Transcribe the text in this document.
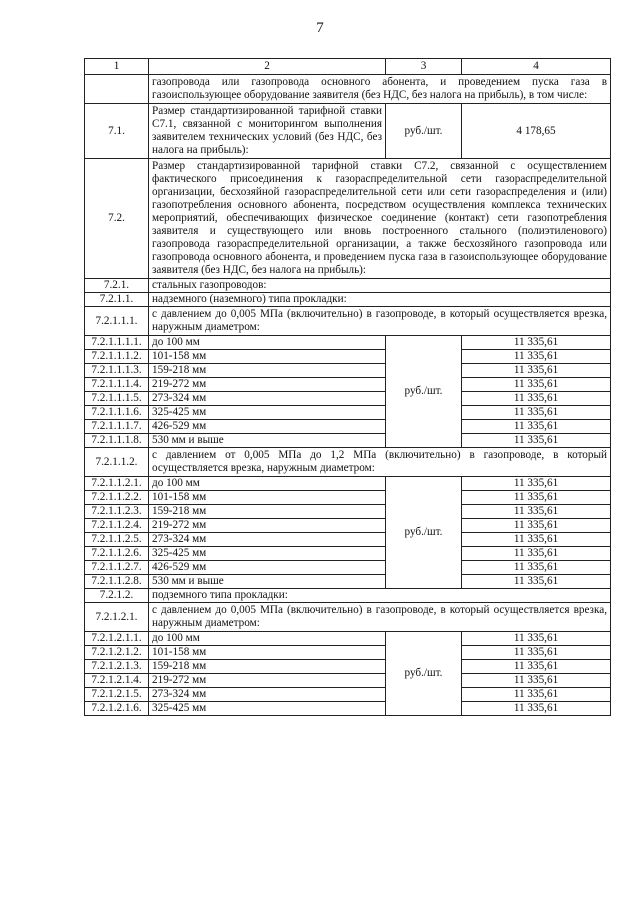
7
1	2	3	4
	газопровода или газопровода основного абонента, и проведением пуска газа в газоиспользующее оборудование заявителя (без НДС, без налога на прибыль), в том числе:		
7.1.	Размер стандартизированной тарифной ставки С7.1, связанной с мониторингом выполнения заявителем технических условий (без НДС, без налога на прибыль):	руб./шт.	4 178,65
7.2.	Размер стандартизированной тарифной ставки С7.2, связанной с осуществлением фактического присоединения к газораспределительной сети газораспределительной организации, бесхозяйной газораспределительной сети или сети газораспределения и (или) газопотребления основного абонента, посредством осуществления комплекса технических мероприятий, обеспечивающих физическое соединение (контакт) сети газопотребления заявителя и существующего или вновь построенного стального (полиэтиленового) газопровода газораспределительной организации, а также бесхозяйного газопровода или газопровода основного абонента, и проведением пуска газа в газоиспользующее оборудование заявителя (без НДС, без налога на прибыль):		
7.2.1.	стальных газопроводов:		
7.2.1.1.	надземного (наземного) типа прокладки:		
7.2.1.1.1.	с давлением до 0,005 МПа (включительно) в газопроводе, в который осуществляется врезка, наружным диаметром:		
7.2.1.1.1.1.	до 100 мм	руб./шт.	11 335,61
7.2.1.1.1.2.	101-158 мм		11 335,61
7.2.1.1.1.3.	159-218 мм		11 335,61
7.2.1.1.1.4.	219-272 мм		11 335,61
7.2.1.1.1.5.	273-324 мм		11 335,61
7.2.1.1.1.6.	325-425 мм		11 335,61
7.2.1.1.1.7.	426-529 мм		11 335,61
7.2.1.1.1.8.	530 мм и выше		11 335,61
7.2.1.1.2.	с давлением от 0,005 МПа до 1,2 МПа (включительно) в газопроводе, в который осуществляется врезка, наружным диаметром:		
7.2.1.1.2.1.	до 100 мм	руб./шт.	11 335,61
7.2.1.1.2.2.	101-158 мм		11 335,61
7.2.1.1.2.3.	159-218 мм		11 335,61
7.2.1.1.2.4.	219-272 мм		11 335,61
7.2.1.1.2.5.	273-324 мм		11 335,61
7.2.1.1.2.6.	325-425 мм		11 335,61
7.2.1.1.2.7.	426-529 мм		11 335,61
7.2.1.1.2.8.	530 мм и выше		11 335,61
7.2.1.2.	подземного типа прокладки:		
7.2.1.2.1.	с давлением до 0,005 МПа (включительно) в газопроводе, в который осуществляется врезка, наружным диаметром:		
7.2.1.2.1.1.	до 100 мм	руб./шт.	11 335,61
7.2.1.2.1.2.	101-158 мм		11 335,61
7.2.1.2.1.3.	159-218 мм		11 335,61
7.2.1.2.1.4.	219-272 мм		11 335,61
7.2.1.2.1.5.	273-324 мм		11 335,61
7.2.1.2.1.6.	325-425 мм		11 335,61
